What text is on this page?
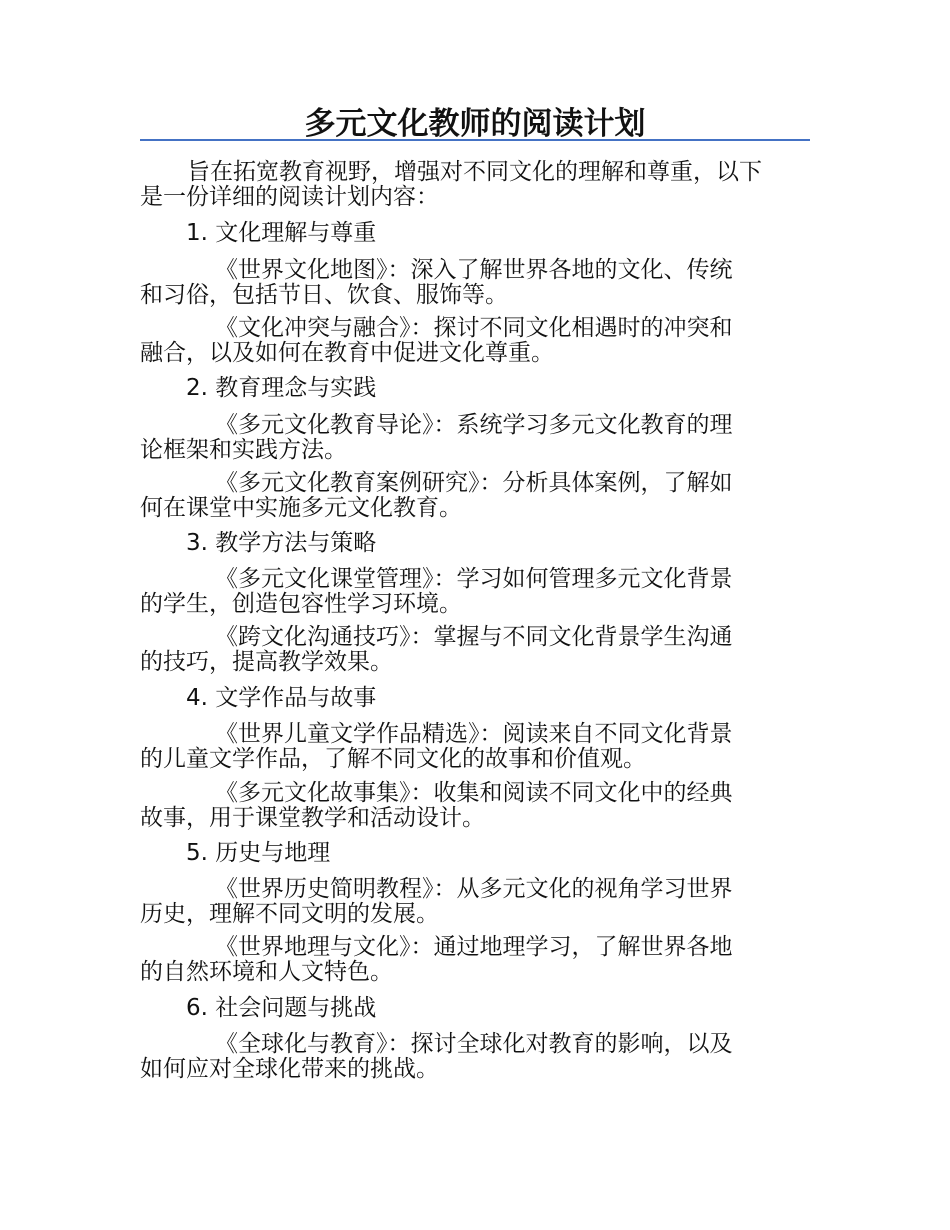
多元文化教师的阅读计划
旨在拓宽教育视野，增强对不同文化的理解和尊重，以下
是一份详细的阅读计划内容：
1. 文化理解与尊重
《世界文化地图》：深入了解世界各地的文化、传统
和习俗，包括节日、饮食、服饰等。
《文化冲突与融合》：探讨不同文化相遇时的冲突和
融合，以及如何在教育中促进文化尊重。
2. 教育理念与实践
《多元文化教育导论》：系统学习多元文化教育的理
论框架和实践方法。
《多元文化教育案例研究》：分析具体案例，了解如
何在课堂中实施多元文化教育。
3. 教学方法与策略
《多元文化课堂管理》：学习如何管理多元文化背景
的学生，创造包容性学习环境。
《跨文化沟通技巧》：掌握与不同文化背景学生沟通
的技巧，提高教学效果。
4. 文学作品与故事
《世界儿童文学作品精选》：阅读来自不同文化背景
的儿童文学作品，了解不同文化的故事和价值观。
《多元文化故事集》：收集和阅读不同文化中的经典
故事，用于课堂教学和活动设计。
5. 历史与地理
《世界历史简明教程》：从多元文化的视角学习世界
历史，理解不同文明的发展。
《世界地理与文化》：通过地理学习，了解世界各地
的自然环境和人文特色。
6. 社会问题与挑战
《全球化与教育》：探讨全球化对教育的影响，以及
如何应对全球化带来的挑战。
